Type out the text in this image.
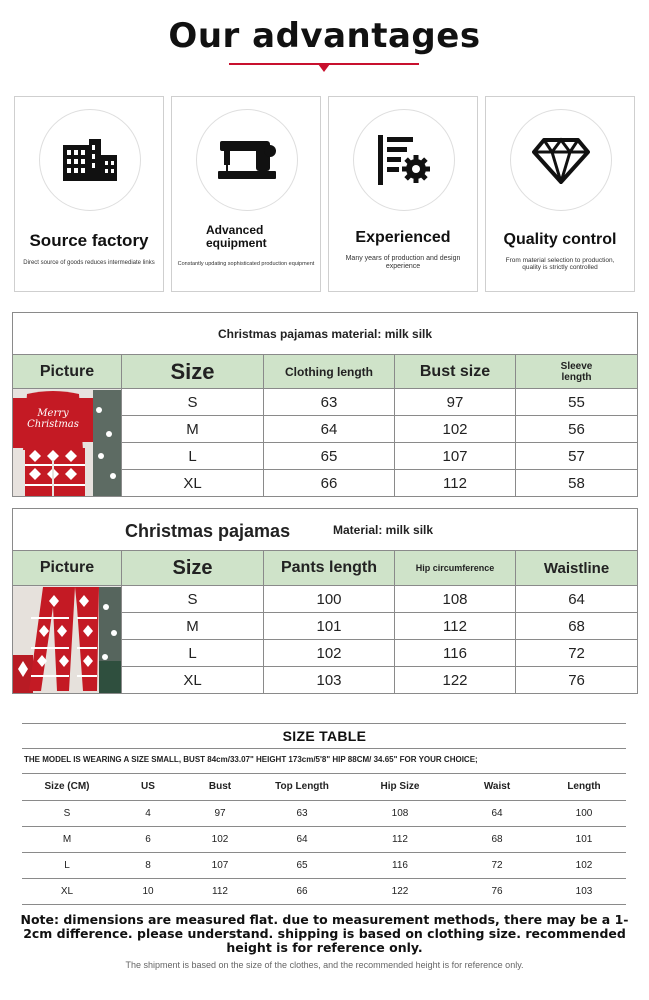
Our advantages
Source factory
Direct source of goods reduces intermediate links
Advanced equipment
Constantly updating sophisticated production equipment
Experienced
Many years of production and design experience
Quality control
From material selection to production, quality is strictly controlled
Christmas pajamas material: milk silk				
Picture	Size	Clothing length	Bust size	Sleeve length

Merry
Christmas	S	63	97	55
	M	64	102	56
	L	65	107	57
	XL	66	112	58
Christmas pajamas Material: milk silk				

Picture	Size	Pants length	Hip circumference	Waistline

	S	100	108	64
	M	101	112	68
	L	102	116	72
	XL	103	122	76
SIZE TABLE
THE MODEL IS WEARING A SIZE SMALL, BUST 84cm/33.07" HEIGHT 173cm/5'8" HIP 88CM/ 34.65" FOR YOUR CHOICE;
Size (CM)	US	Bust	Top Length	Hip Size	Waist	Length
S	4	97	63	108	64	100
M	6	102	64	112	68	101
L	8	107	65	116	72	102
XL	10	112	66	122	76	103
Note: dimensions are measured flat. due to measurement methods, there may be a 1-2cm difference. please understand. shipping is based on clothing size. recommended height is for reference only.
The shipment is based on the size of the clothes, and the recommended height is for reference only.
